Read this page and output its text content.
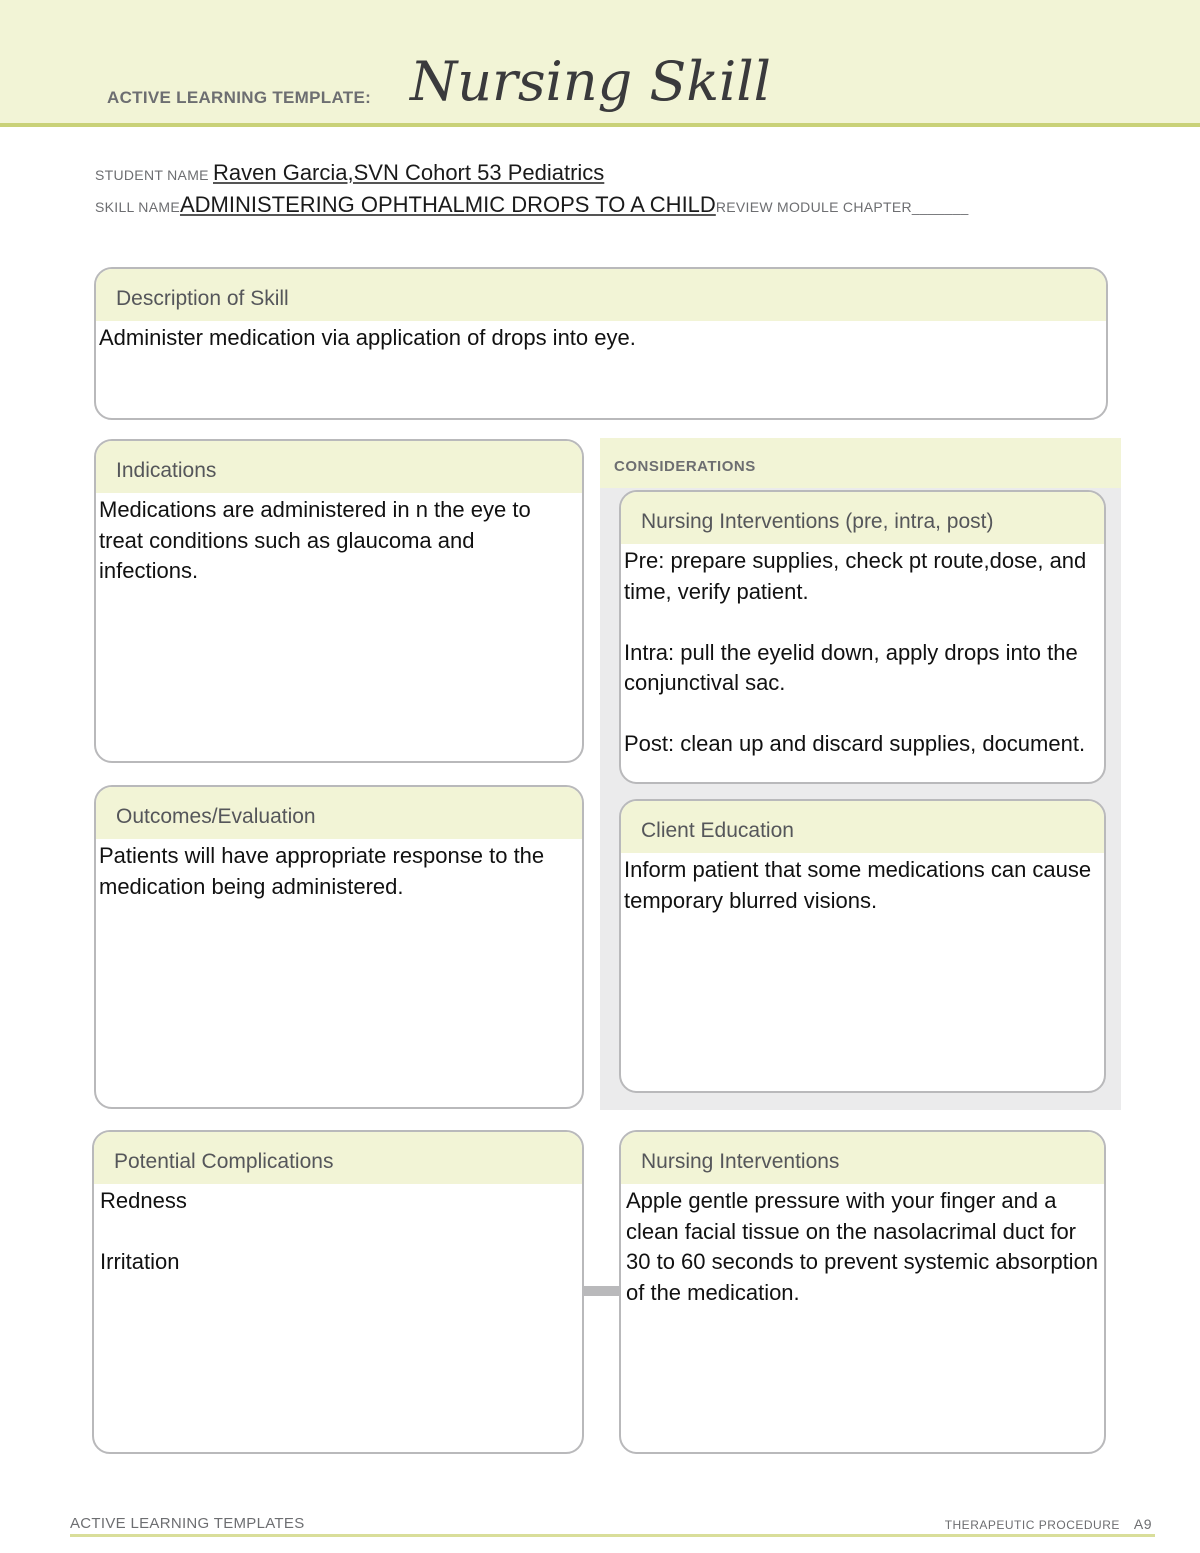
ACTIVE LEARNING TEMPLATE: Nursing Skill
STUDENT NAME Raven Garcia,SVN Cohort 53 Pediatrics
SKILL NAMEADMINISTERING OPHTHALMIC DROPS TO A CHILDREVIEW MODULE CHAPTER_______
Description of Skill
Administer medication via application of drops into eye.
Indications
Medications are administered in n the eye to treat conditions such as glaucoma and infections.
Outcomes/Evaluation
Patients will have appropriate response to the medication being administered.
CONSIDERATIONS
Nursing Interventions (pre, intra, post)
Pre: prepare supplies, check pt route,dose, and time, verify patient.

Intra: pull the eyelid down, apply drops into the conjunctival sac.

Post: clean up and discard supplies, document.
Client Education
Inform patient that some medications can cause temporary blurred visions.
Potential Complications
Redness

Irritation
Nursing Interventions
Apple gentle pressure with your finger and a clean facial tissue on the nasolacrimal duct for 30 to 60 seconds to prevent systemic absorption of the medication.
ACTIVE LEARNING TEMPLATES	THERAPEUTIC PROCEDURE A9
